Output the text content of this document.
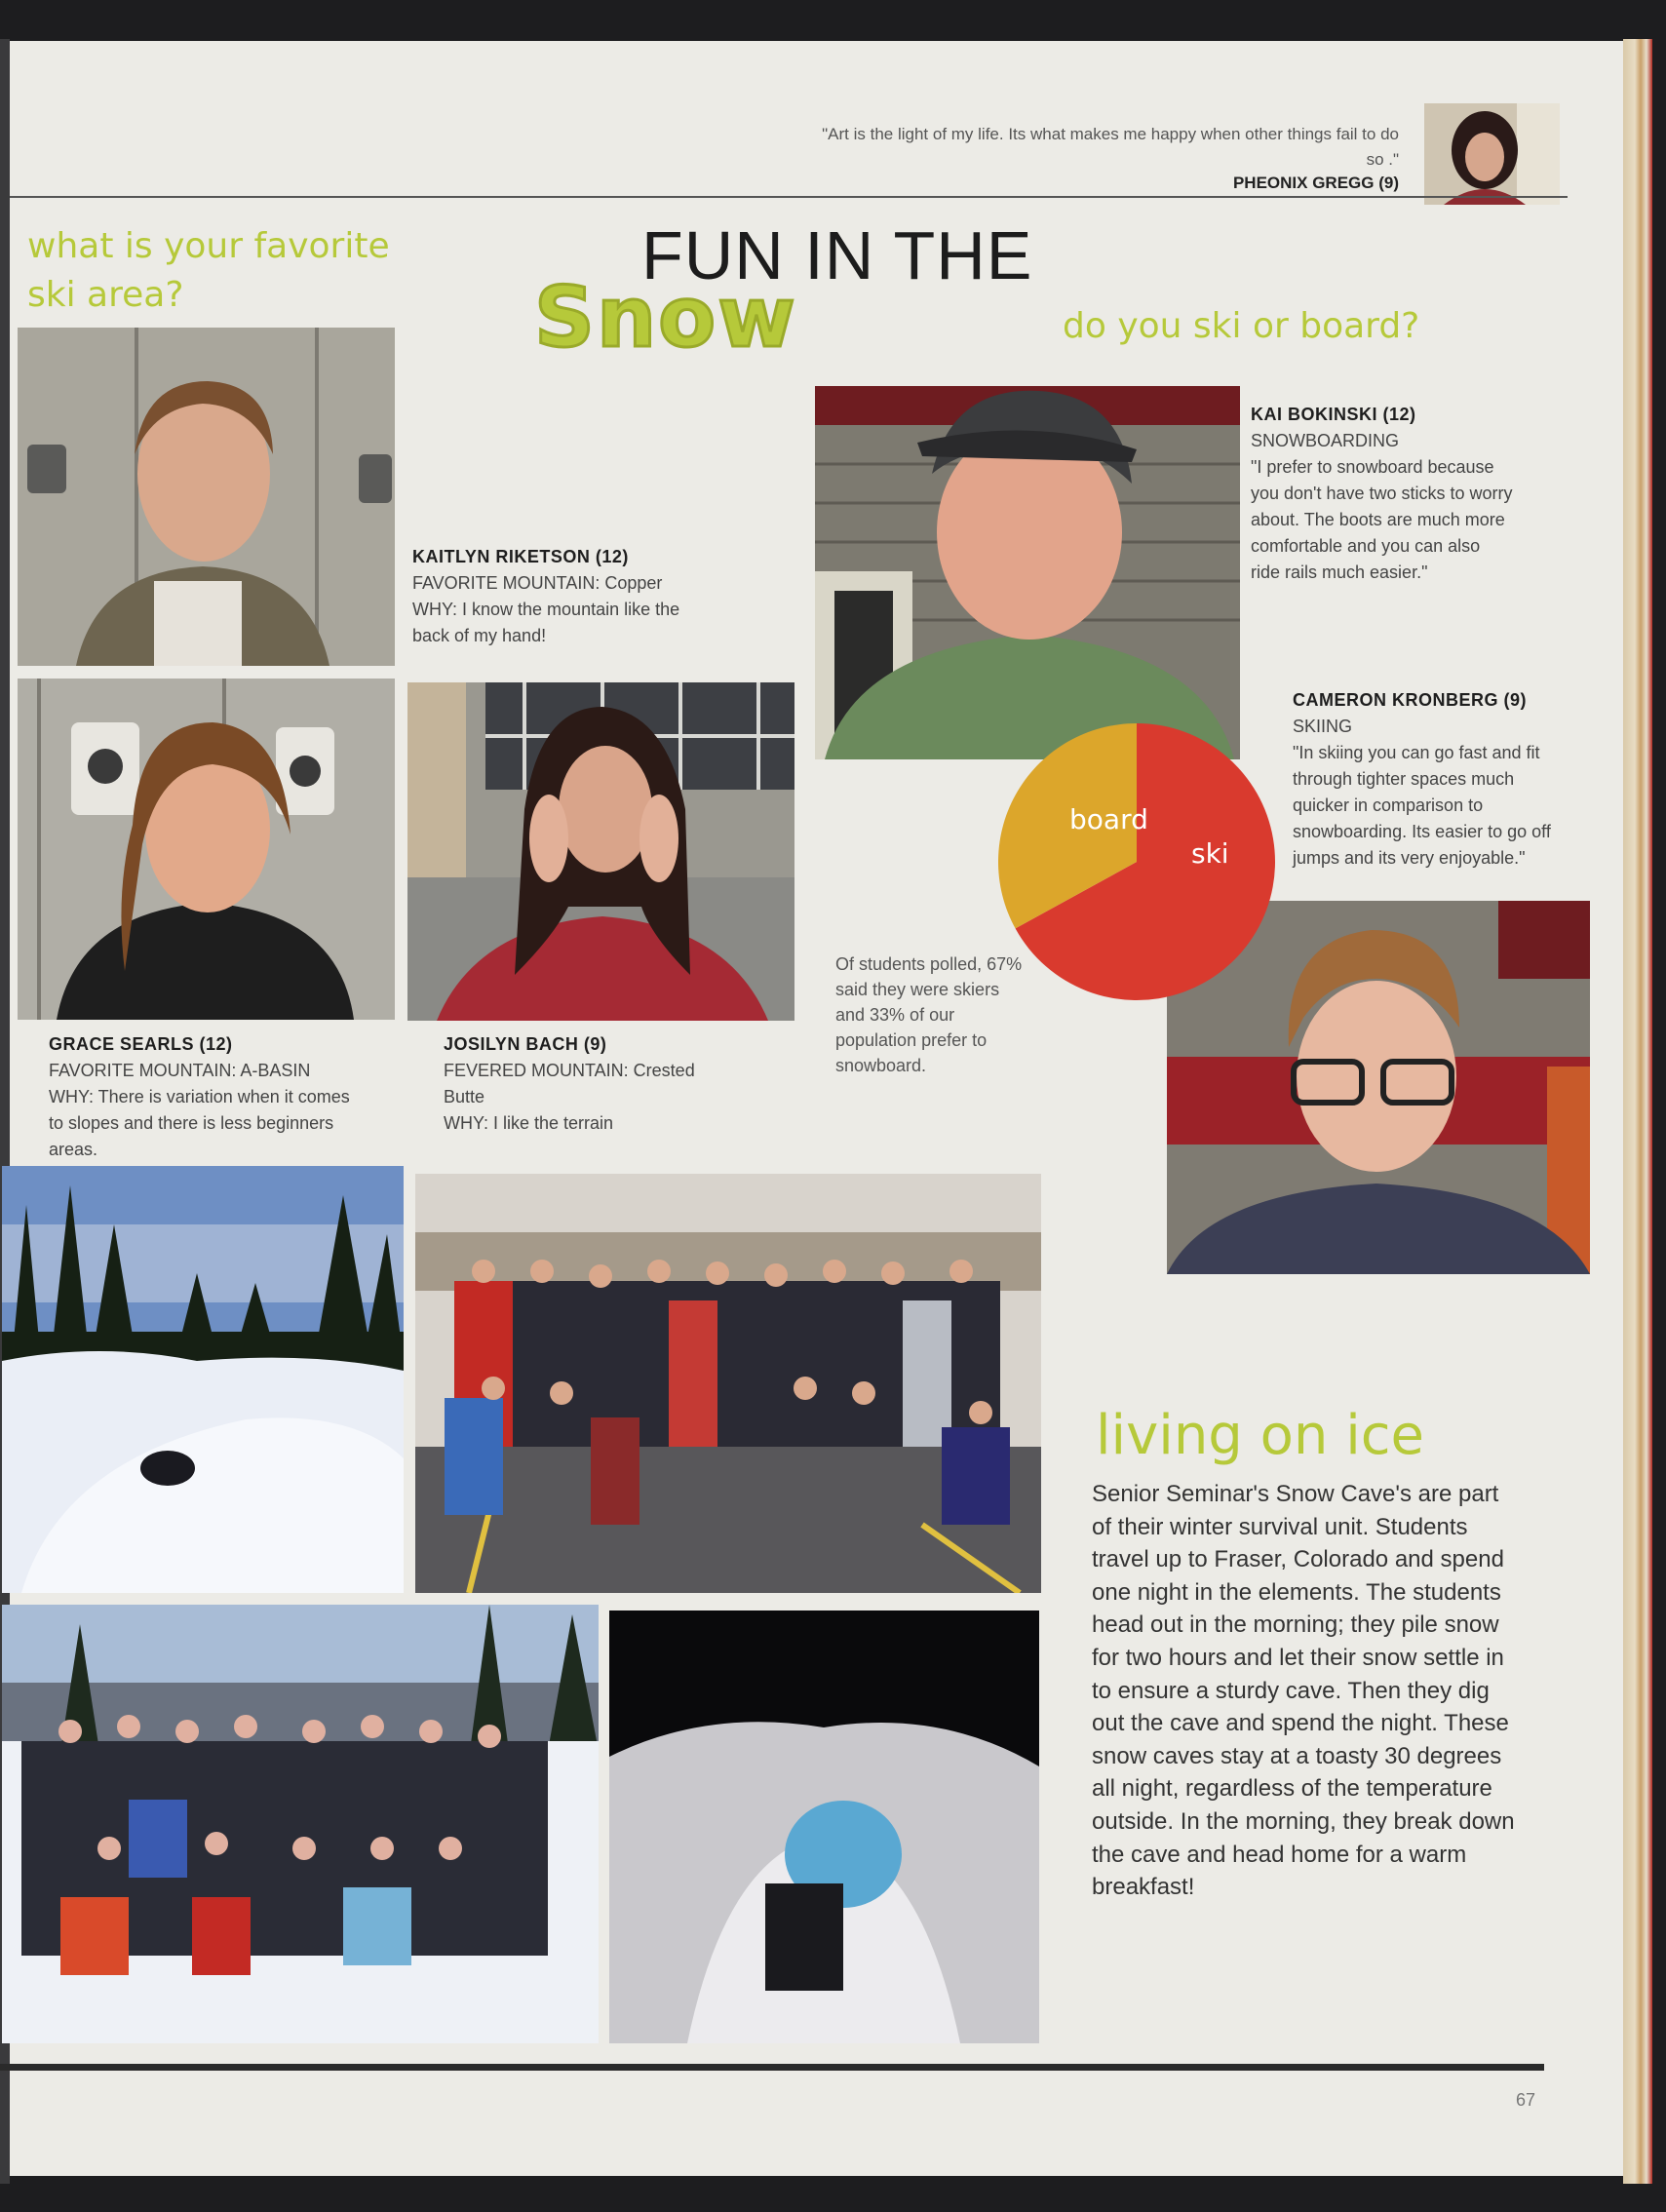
"Art is the light of my life. Its what makes me happy when other things fail to do so ."
PHEONIX GREGG (9)
what is your favorite ski area?
FUN IN THE
Snow	do you ski or board?
KAITLYN RIKETSON (12)
FAVORITE MOUNTAIN: Copper
WHY: I know the mountain like the back of my hand!
GRACE SEARLS (12)
FAVORITE MOUNTAIN: A-BASIN
WHY: There is variation when it comes to slopes and there is less beginners areas.
JOSILYN BACH (9)
FEVERED MOUNTAIN: Crested Butte
WHY: I like the terrain
KAI BOKINSKI (12)
SNOWBOARDING
"I prefer to snowboard because you don't have two sticks to worry about. The boots are much more comfortable and you can also ride rails much easier."
CAMERON KRONBERG (9)
SKIING
"In skiing you can go fast and fit through tighter spaces much quicker in comparison to snowboarding. Its easier to go off jumps and its very enjoyable."
board
ski
Of students polled, 67% said they were skiers and 33% of our population prefer to snowboard.
living on ice
Senior Seminar's Snow Cave's are part of their winter survival unit. Students travel up to Fraser, Colorado and spend one night in the elements. The students head out in the morning; they pile snow for two hours and let their snow settle in to ensure a sturdy cave. Then they dig out the cave and spend the night. These snow caves stay at a toasty 30 degrees all night, regardless of the temperature outside. In the morning, they break down the cave and head home for a warm breakfast!
67
